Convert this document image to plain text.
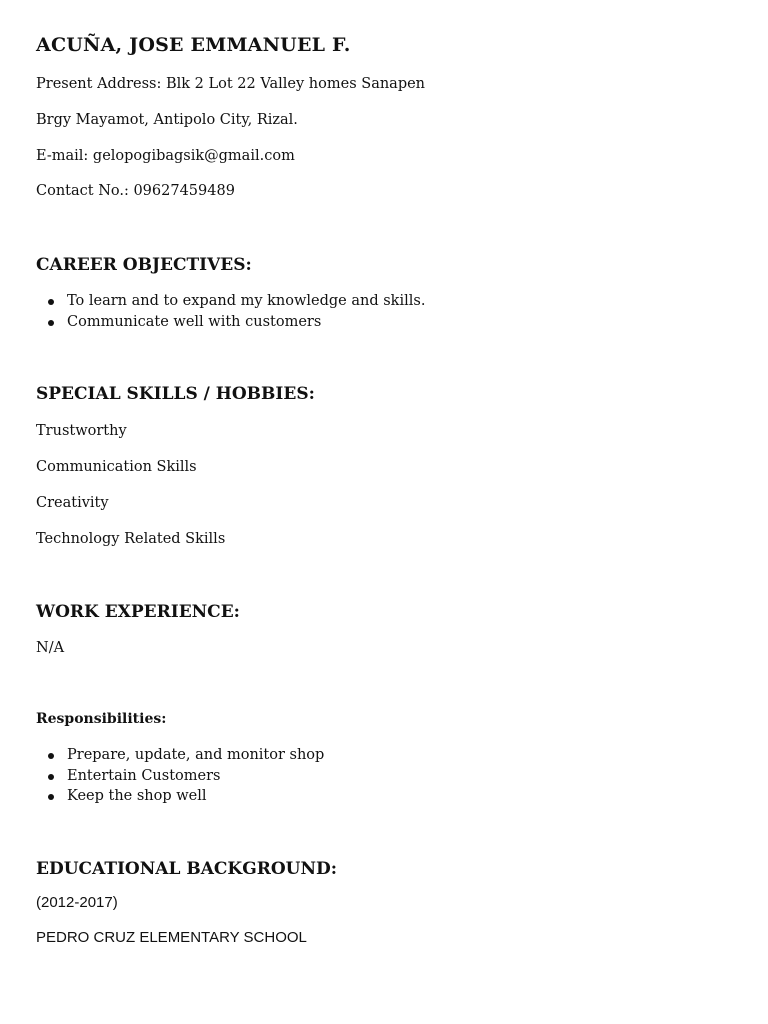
ACUÑA, JOSE EMMANUEL F.
Present Address: Blk 2 Lot 22 Valley homes Sanapen
Brgy Mayamot, Antipolo City, Rizal.
E-mail: gelopogibagsik@gmail.com
Contact No.: 09627459489
CAREER OBJECTIVES:
To learn and to expand my knowledge and skills.
Communicate well with customers
SPECIAL SKILLS / HOBBIES:
Trustworthy
Communication Skills
Creativity
Technology Related Skills
WORK EXPERIENCE:
N/A
Responsibilities:
Prepare, update, and monitor shop
Entertain Customers
Keep the shop well
EDUCATIONAL BACKGROUND:
(2012-2017)
PEDRO CRUZ ELEMENTARY SCHOOL
